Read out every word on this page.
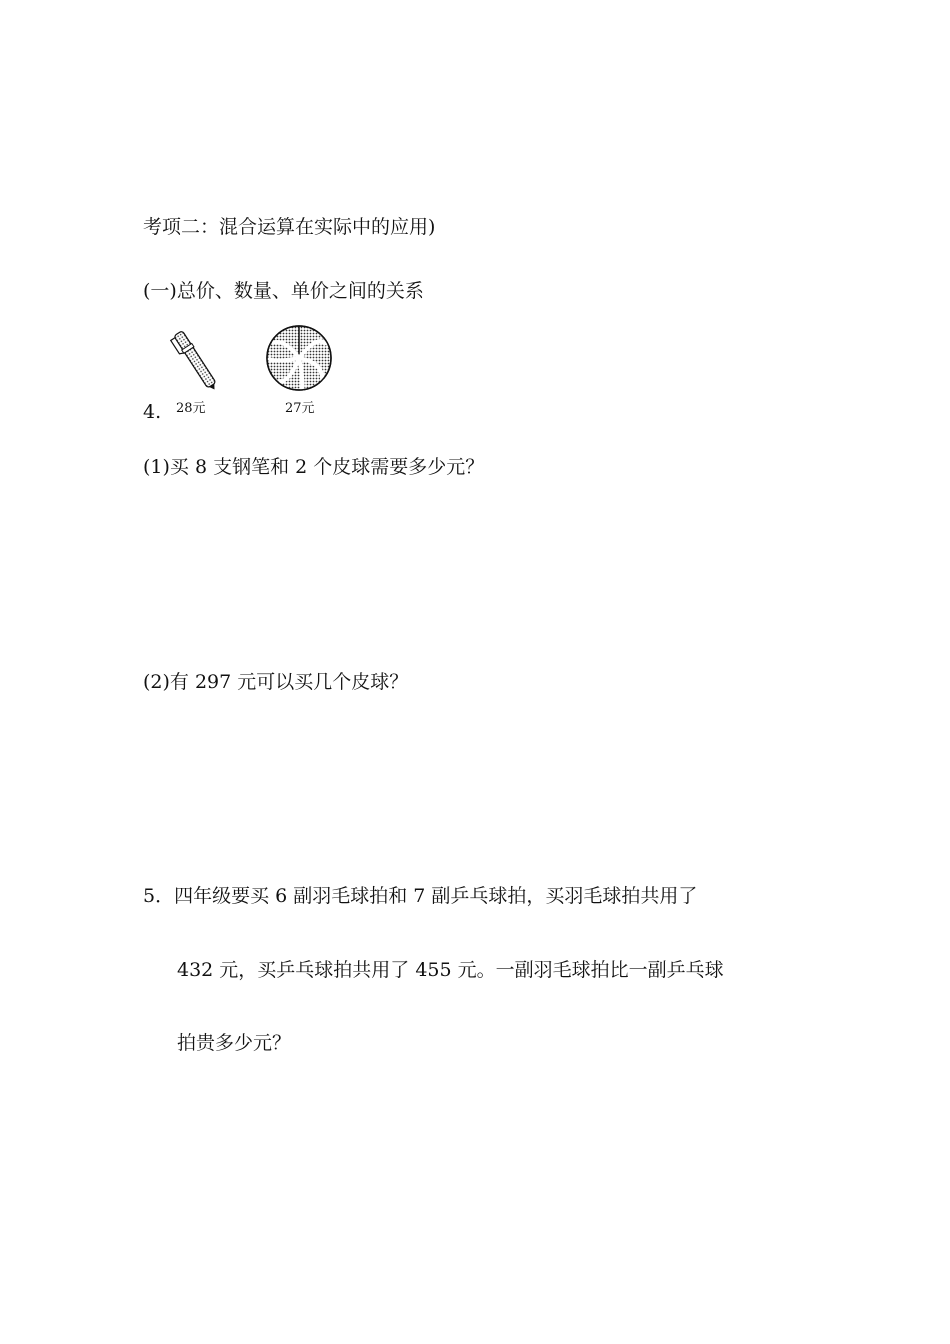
考项二：混合运算在实际中的应用)
(一)总价、数量、单价之间的关系
28元	27元
4.
(1)买 8 支钢笔和 2 个皮球需要多少元？
(2)有 297 元可以买几个皮球？
5．四年级要买 6 副羽毛球拍和 7 副乒乓球拍，买羽毛球拍共用了
432 元，买乒乓球拍共用了 455 元。一副羽毛球拍比一副乒乓球
拍贵多少元？
